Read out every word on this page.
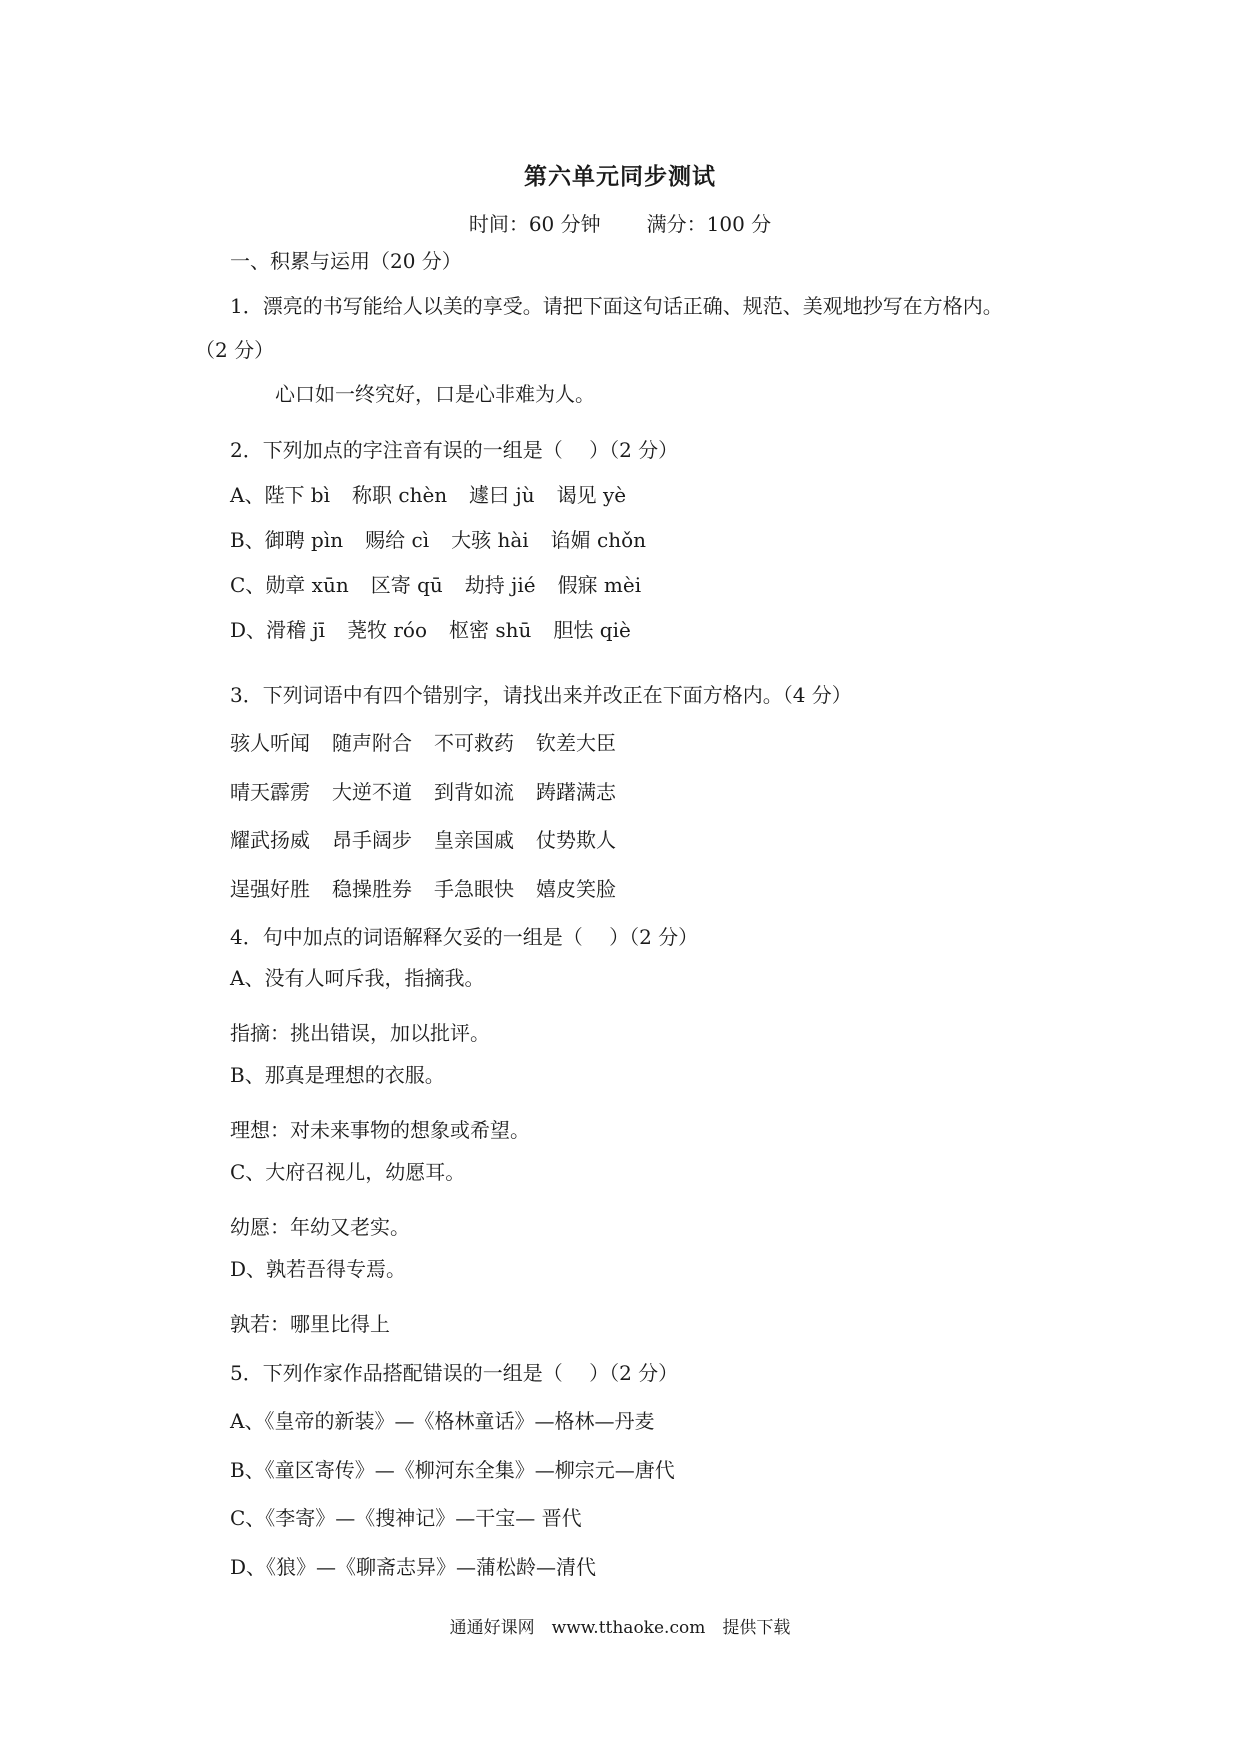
第六单元同步测试
时间：60 分钟 满分：100 分
一、积累与运用（20 分）
1．漂亮的书写能给人以美的享受。请把下面这句话正确、规范、美观地抄写在方格内。
（2 分）
心口如一终究好，口是心非难为人。
2．下列加点的字注音有误的一组是（　 ）（2 分）
A、陛下 bì 称职 chèn 遽曰 jù 谒见 yè
B、御聘 pìn 赐给 cì 大骇 hài 谄媚 chǒn
C、勋章 xūn 区寄 qū 劫持 jié 假寐 mèi
D、滑稽 jī 荛牧 róo 枢密 shū 胆怯 qiè
3．下列词语中有四个错别字，请找出来并改正在下面方格内。（4 分）
骇人听闻 随声附合 不可救药 钦差大臣
晴天霹雳 大逆不道 到背如流 踌躇满志
耀武扬威 昂手阔步 皇亲国戚 仗势欺人
逞强好胜 稳操胜券 手急眼快 嬉皮笑脸
4．句中加点的词语解释欠妥的一组是（　 ）（2 分）
A、没有人呵斥我，指摘我。
指摘：挑出错误，加以批评。
B、那真是理想的衣服。
理想：对未来事物的想象或希望。
C、大府召视儿，幼愿耳。
幼愿：年幼又老实。
D、孰若吾得专焉。
孰若：哪里比得上
5．下列作家作品搭配错误的一组是（　 ）（2 分）
A、《皇帝的新装》—《格林童话》—格林—丹麦
B、《童区寄传》—《柳河东全集》—柳宗元—唐代
C、《李寄》—《搜神记》—干宝— 晋代
D、《狼》—《聊斋志异》—蒲松龄—清代
通通好课网　www.tthaoke.com　提供下载
